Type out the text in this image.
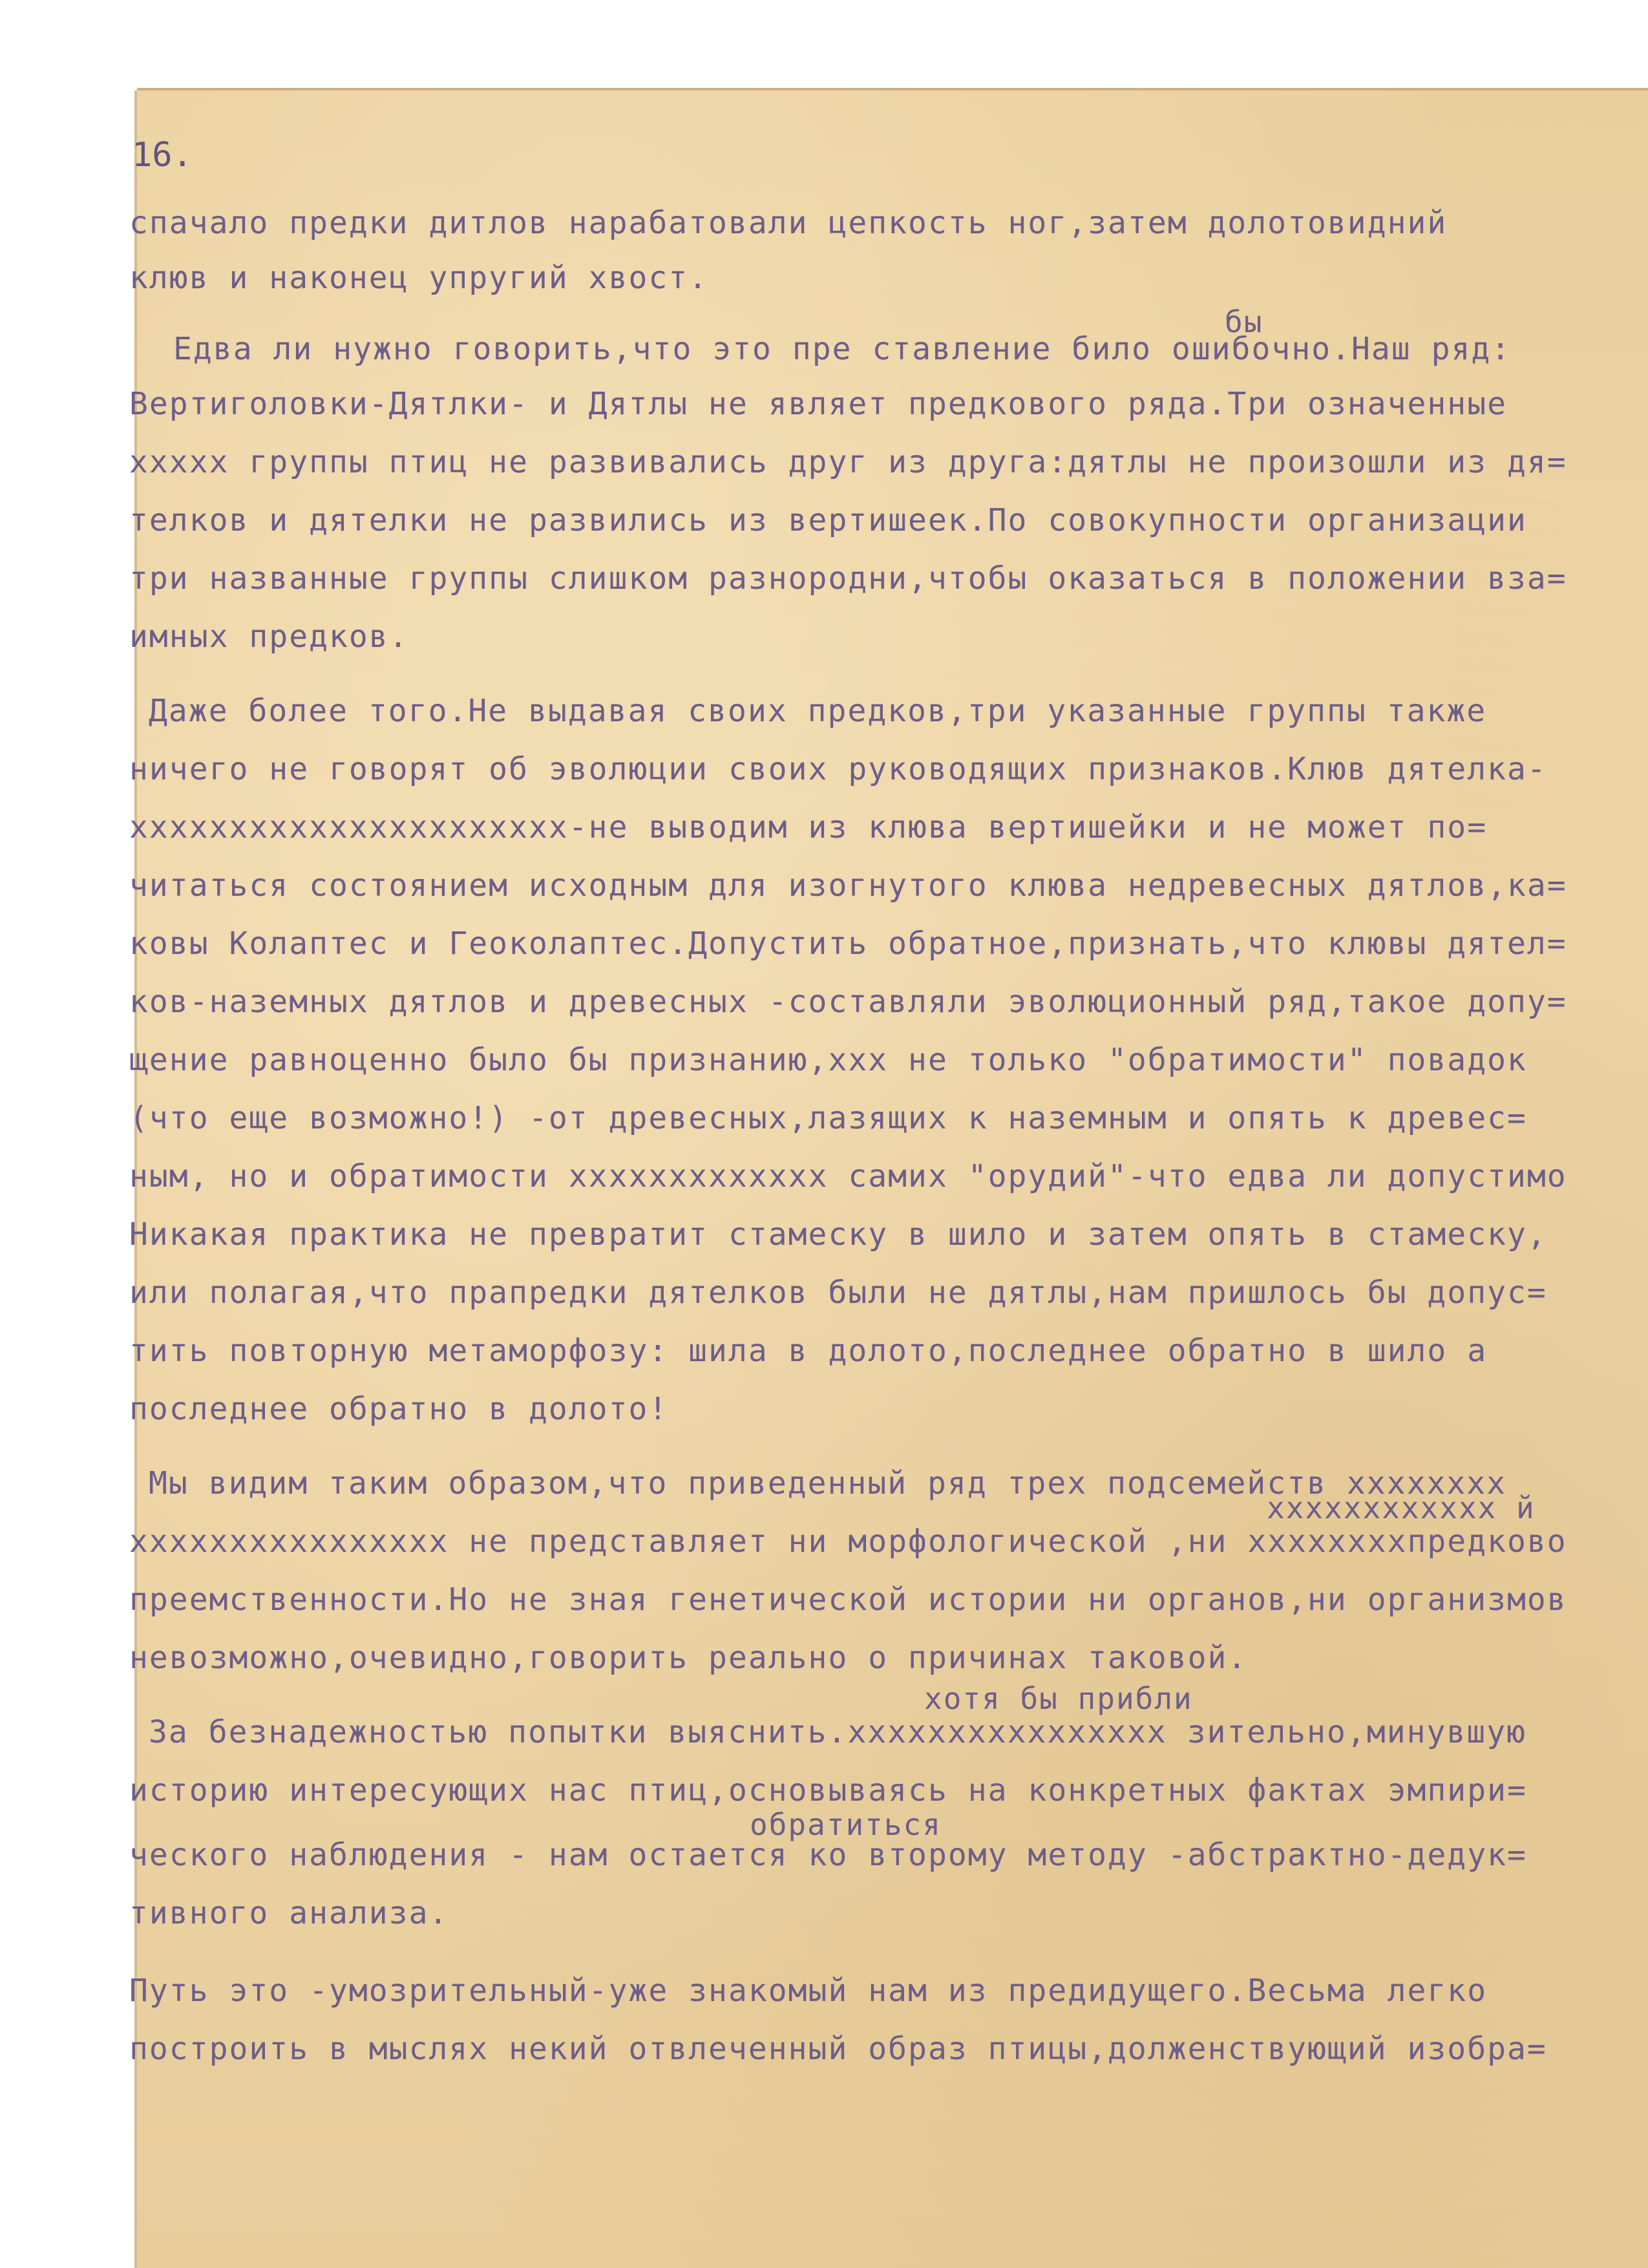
16.
спачало предки дитлов нарабатовали цепкость ног,затем долотовидний
клюв и наконец упругий хвост.
бы
Едва ли нужно говорить,что это пре ставление било ошибочно.Наш ряд:
Вертиголовки-Дятлки- и Дятлы не являет предкового ряда.Три означенные
ххххх группы птиц не развивались друг из друга:дятлы не произошли из дя=
телков и дятелки не развились из вертишеек.По совокупности организации
три названные группы слишком разнородни,чтобы оказаться в положении вза=
имных предков.
Даже более того.Не выдавая своих предков,три указанные группы также
ничего не говорят об эволюции своих руководящих признаков.Клюв дятелка-
хххххххххххххххххххххх-не выводим из клюва вертишейки и не может по=
читаться состоянием исходным для изогнутого клюва недревесных дятлов,ка=
ковы Колаптес и Геоколаптес.Допустить обратное,признать,что клювы дятел=
ков-наземных дятлов и древесных -составляли эволюционный ряд,такое допу=
щение равноценно было бы признанию,ххх не только "обратимости" повадок
(что еще возможно!) -от древесных,лазящих к наземным и опять к древес=
ным, но и обратимости ххххххххххххх самих "орудий"-что едва ли допустимо
Никакая практика не превратит стамеску в шило и затем опять в стамеску,
или полагая,что прапредки дятелков были не дятлы,нам пришлось бы допус=
тить повторную метаморфозу: шила в долото,последнее обратно в шило а
последнее обратно в долото!
Мы видим таким образом,что приведенный ряд трех подсемейств хххххххх
хххххххххххх й
хххххххххххххххх не представляет ни морфологической ,ни ххххххххпредково
преемственности.Но не зная генетической истории ни органов,ни организмов
невозможно,очевидно,говорить реально о причинах таковой.
хотя бы прибли
За безнадежностью попытки выяснить.хххххххххххххххх зительно,минувшую
историю интересующих нас птиц,основываясь на конкретных фактах эмпири=
обратиться
ческого наблюдения - нам остается ко второму методу -абстрактно-дедук=
тивного анализа.
Путь это -умозрительный-уже знакомый нам из предидущего.Весьма легко
построить в мыслях некий отвлеченный образ птицы,долженствующий изобра=
